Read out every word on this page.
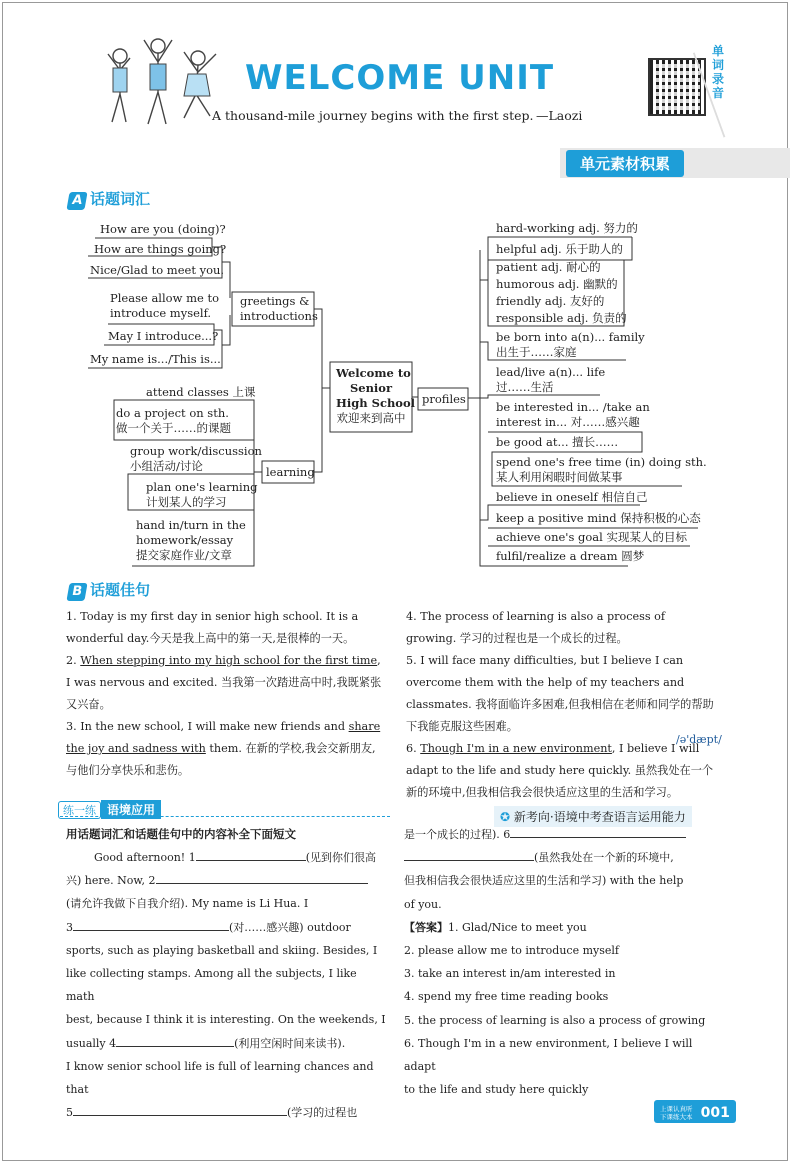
WELCOME UNIT
A thousand-mile journey begins with the first step. —Laozi
单词录音
单元素材积累
A 话题词汇
How are you (doing)?
How are things going?
Nice/Glad to meet you.
Please allow me to
introduce myself.
May I introduce...?
My name is.../This is...
greetings &
introductions
Welcome to
Senior
High School
欢迎来到高中
learning
attend classes 上课
do a project on sth.
做一个关于……的课题
group work/discussion
小组活动/讨论
plan one's learning
计划某人的学习
hand in/turn in the
homework/essay
提交家庭作业/文章
profiles
hard-working adj. 努力的
helpful adj. 乐于助人的
patient adj. 耐心的
humorous adj. 幽默的
friendly adj. 友好的
responsible adj. 负责的
be born into a(n)... family
出生于……家庭
lead/live a(n)... life
过……生活
be interested in... /take an
interest in... 对……感兴趣
be good at... 擅长……
spend one's free time (in) doing sth.
某人利用闲暇时间做某事
believe in oneself 相信自己
keep a positive mind 保持积极的心态
achieve one's goal 实现某人的目标
fulfil/realize a dream 圆梦
B 话题佳句
1. Today is my first day in senior high school. It is a wonderful day.今天是我上高中的第一天,是很棒的一天。
2. When stepping into my high school for the first time, I was nervous and excited. 当我第一次踏进高中时,我既紧张又兴奋。
3. In the new school, I will make new friends and share the joy and sadness with them. 在新的学校,我会交新朋友,与他们分享快乐和悲伤。
4. The process of learning is also a process of growing. 学习的过程也是一个成长的过程。
5. I will face many difficulties, but I believe I can overcome them with the help of my teachers and classmates. 我将面临许多困难,但我相信在老师和同学的帮助下我能克服这些困难。
6. Though I'm in a new environment, I believe I will adapt to the life and study here quickly. 虽然我处在一个新的环境中,但我相信我会很快适应这里的生活和学习。
/ə'dæpt/
练一练 语境应用	✪ 新考向·语境中考查语言运用能力
用话题词汇和话题佳句中的内容补全下面短文
Good afternoon! 1	(见到你们很高
兴) here. Now, 2
(请允许我做下自我介绍). My name is Li Hua. I
3	(对……感兴趣) outdoor
sports, such as playing basketball and skiing. Besides, I
like collecting stamps. Among all the subjects, I like math
best, because I think it is interesting. On the weekends, I
usually 4	(利用空闲时间来读书).
I know senior school life is full of learning chances and that
5	(学习的过程也
是一个成长的过程). 6
(虽然我处在一个新的环境中,
但我相信我会很快适应这里的生活和学习) with the help
of you.
【答案】1. Glad/Nice to meet you
2. please allow me to introduce myself
3. take an interest in/am interested in
4. spend my free time reading books
5. the process of learning is also a process of growing
6. Though I'm in a new environment, I believe I will adapt
to the life and study here quickly
上课认真听
下课练大本 001
